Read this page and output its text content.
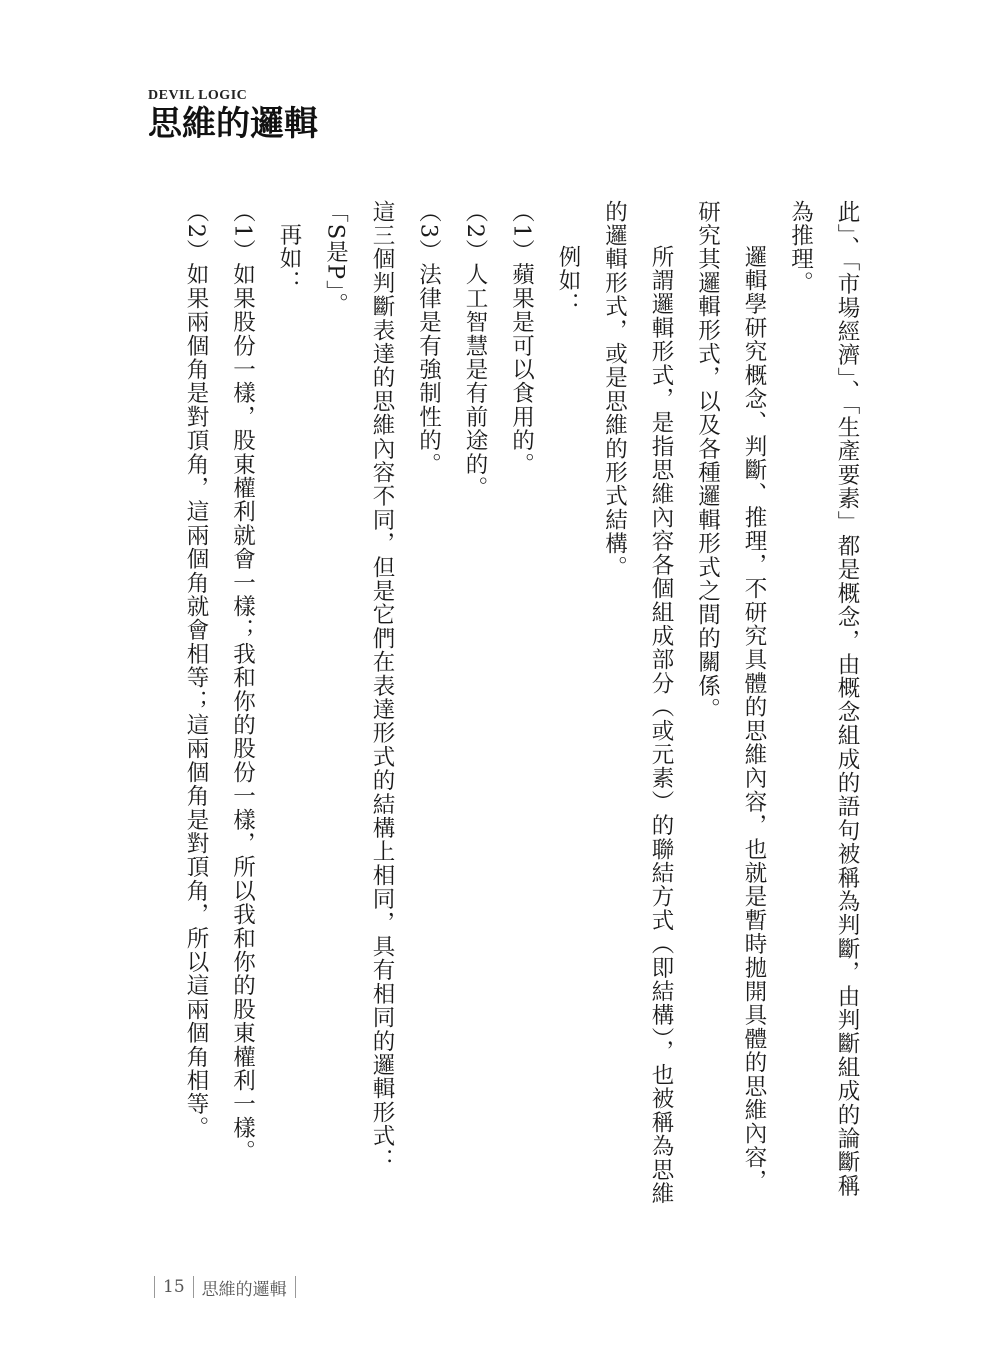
DEVIL LOGIC
思維的邏輯

此」、「市場經濟」、「生產要素」都是概念，由概念組成的語句被稱為判斷，由判斷組成的論斷稱為推理。

邏輯學研究概念、判斷、推理，不研究具體的思維內容，也就是暫時拋開具體的思維內容，研究其邏輯形式，以及各種邏輯形式之間的關係。

所謂邏輯形式，是指思維內容各個組成部分（或元素）的聯結方式（即結構），也被稱為思維的邏輯形式，或是思維的形式結構。

例如：

（1）蘋果是可以食用的。

（2）人工智慧是有前途的。

（3）法律是有強制性的。

這三個判斷表達的思維內容不同，但是它們在表達形式的結構上相同，具有相同的邏輯形式：「S是P」。

再如：

（1）如果股份一樣，股東權利就會一樣；我和你的股份一樣，所以我和你的股東權利一樣。

（2）如果兩個角是對頂角，這兩個角就會相等；這兩個角是對頂角，所以這兩個角相等。

15 思維的邏輯
